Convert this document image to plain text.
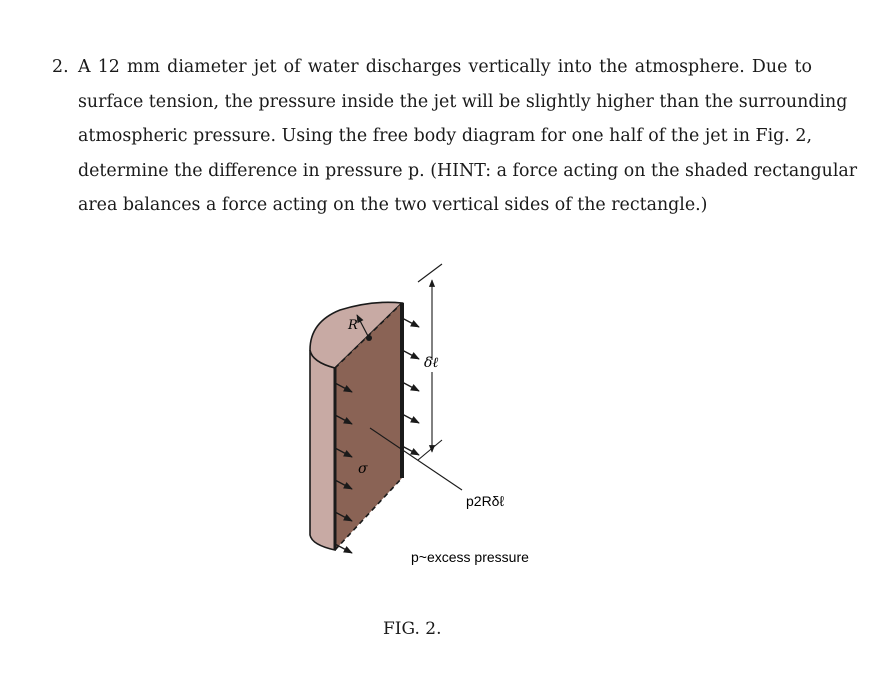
2. A 12 mm diameter jet of water discharges vertically into the atmosphere. Due to
surface tension, the pressure inside the jet will be slightly higher than the surrounding
atmospheric pressure. Using the free body diagram for one half of the jet in Fig. 2,
determine the difference in pressure p. (HINT: a force acting on the shaded rectangular
area balances a force acting on the two vertical sides of the rectangle.)
R
σ
δℓ
p2Rδℓ
p~excess pressure
FIG. 2.
